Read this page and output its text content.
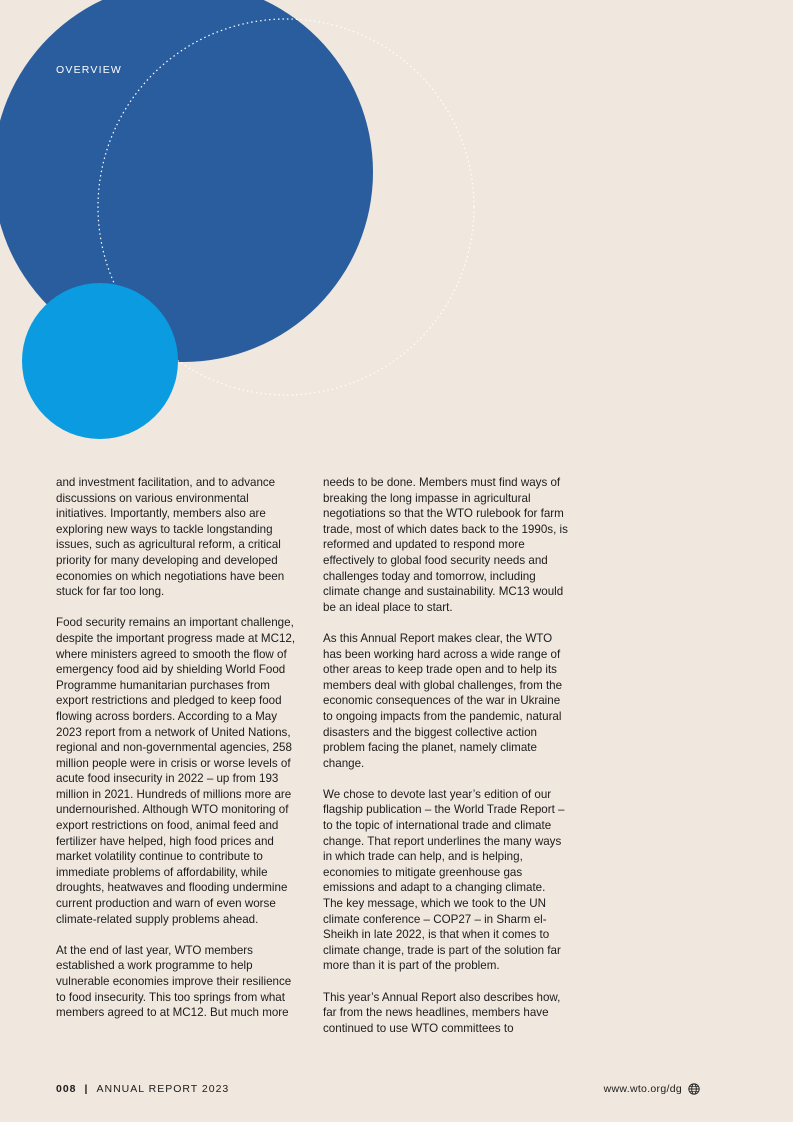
OVERVIEW

and investment facilitation, and to advance discussions on various environmental initiatives. Importantly, members also are exploring new ways to tackle longstanding issues, such as agricultural reform, a critical priority for many developing and developed economies on which negotiations have been stuck for far too long.

Food security remains an important challenge, despite the important progress made at MC12, where ministers agreed to smooth the flow of emergency food aid by shielding World Food Programme humanitarian purchases from export restrictions and pledged to keep food flowing across borders. According to a May 2023 report from a network of United Nations, regional and non-governmental agencies, 258 million people were in crisis or worse levels of acute food insecurity in 2022 – up from 193 million in 2021. Hundreds of millions more are undernourished. Although WTO monitoring of export restrictions on food, animal feed and fertilizer have helped, high food prices and market volatility continue to contribute to immediate problems of affordability, while droughts, heatwaves and flooding undermine current production and warn of even worse climate-related supply problems ahead.

At the end of last year, WTO members established a work programme to help vulnerable economies improve their resilience to food insecurity. This too springs from what members agreed to at MC12. But much more

needs to be done. Members must find ways of breaking the long impasse in agricultural negotiations so that the WTO rulebook for farm trade, most of which dates back to the 1990s, is reformed and updated to respond more effectively to global food security needs and challenges today and tomorrow, including climate change and sustainability. MC13 would be an ideal place to start.

As this Annual Report makes clear, the WTO has been working hard across a wide range of other areas to keep trade open and to help its members deal with global challenges, from the economic consequences of the war in Ukraine to ongoing impacts from the pandemic, natural disasters and the biggest collective action problem facing the planet, namely climate change.

We chose to devote last year’s edition of our flagship publication – the World Trade Report – to the topic of international trade and climate change. That report underlines the many ways in which trade can help, and is helping, economies to mitigate greenhouse gas emissions and adapt to a changing climate. The key message, which we took to the UN climate conference – COP27 – in Sharm el-Sheikh in late 2022, is that when it comes to climate change, trade is part of the solution far more than it is part of the problem.

This year’s Annual Report also describes how, far from the news headlines, members have continued to use WTO committees to

008 | ANNUAL REPORT 2023	www.wto.org/dg
